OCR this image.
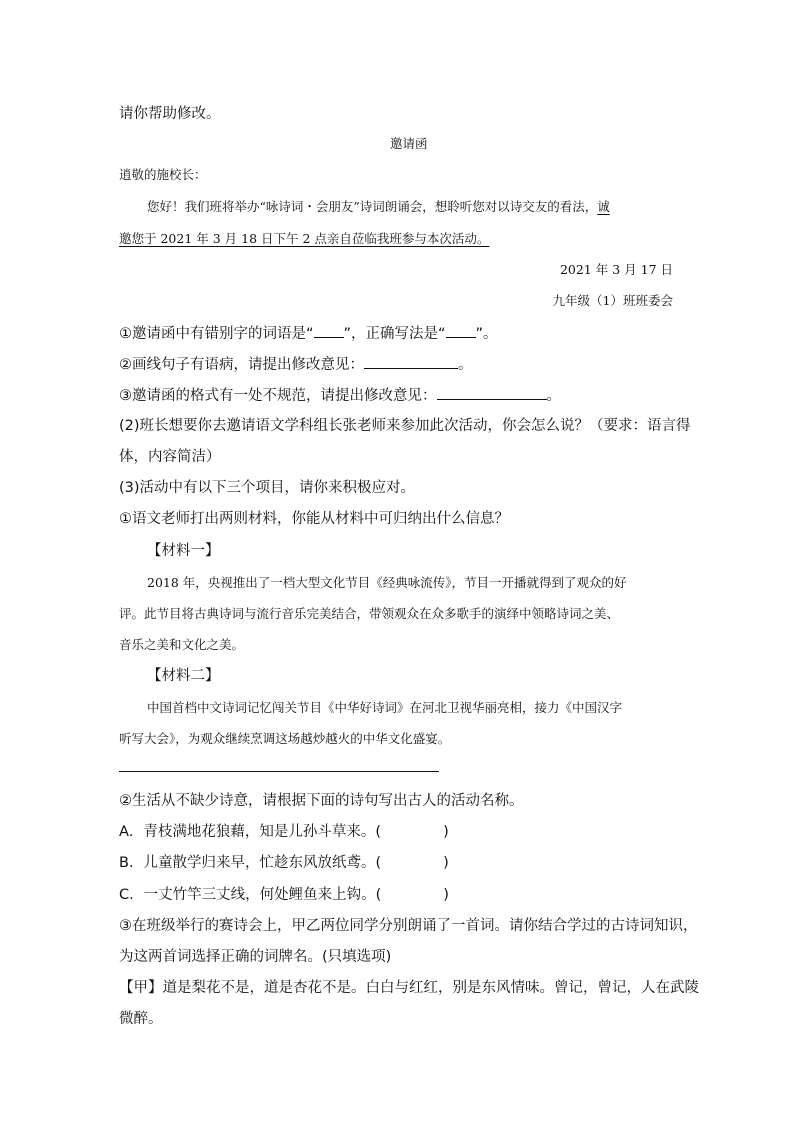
请你帮助修改。
邀请函
逍敬的施校长：
您好！我们班将举办“咏诗词・会朋友”诗词朗诵会，想聆听您对以诗交友的看法，诚
邀您于 2021 年 3 月 18 日下午 2 点亲自莅临我班参与本次活动。
2021 年 3 月 17 日
九年级（1）班班委会
①邀请函中有错别字的词语是“ ”，正确写法是“ ”。
②画线句子有语病，请提出修改意见：	。
③邀请函的格式有一处不规范，请提出修改意见：	。
(2)班长想要你去邀请语文学科组长张老师来参加此次活动，你会怎么说？（要求：语言得
体，内容简洁）
(3)活动中有以下三个项目，请你来积极应对。
①语文老师打出两则材料，你能从材料中可归纳出什么信息？
【材料一】
2018 年，央视推出了一档大型文化节目《经典咏流传》，节目一开播就得到了观众的好
评。此节目将古典诗词与流行音乐完美结合，带领观众在众多歌手的演绎中领略诗词之美、
音乐之美和文化之美。
【材料二】
中国首档中文诗词记忆闯关节目《中华好诗词》在河北卫视华丽亮相，接力《中国汉字
听写大会》，为观众继续烹调这场越炒越火的中华文化盛宴。
②生活从不缺少诗意，请根据下面的诗句写出古人的活动名称。
A．青枝满地花狼藉，知是儿孙斗草来。(	)
B．儿童散学归来早，忙趁东风放纸鸢。(	)
C．一丈竹竿三丈线，何处鲤鱼来上钩。(	)
③在班级举行的赛诗会上，甲乙两位同学分别朗诵了一首词。请你结合学过的古诗词知识，
为这两首词选择正确的词牌名。(只填选项)
【甲】道是梨花不是，道是杏花不是。白白与红红，别是东风情味。曾记，曾记，人在武陵
微醉。
